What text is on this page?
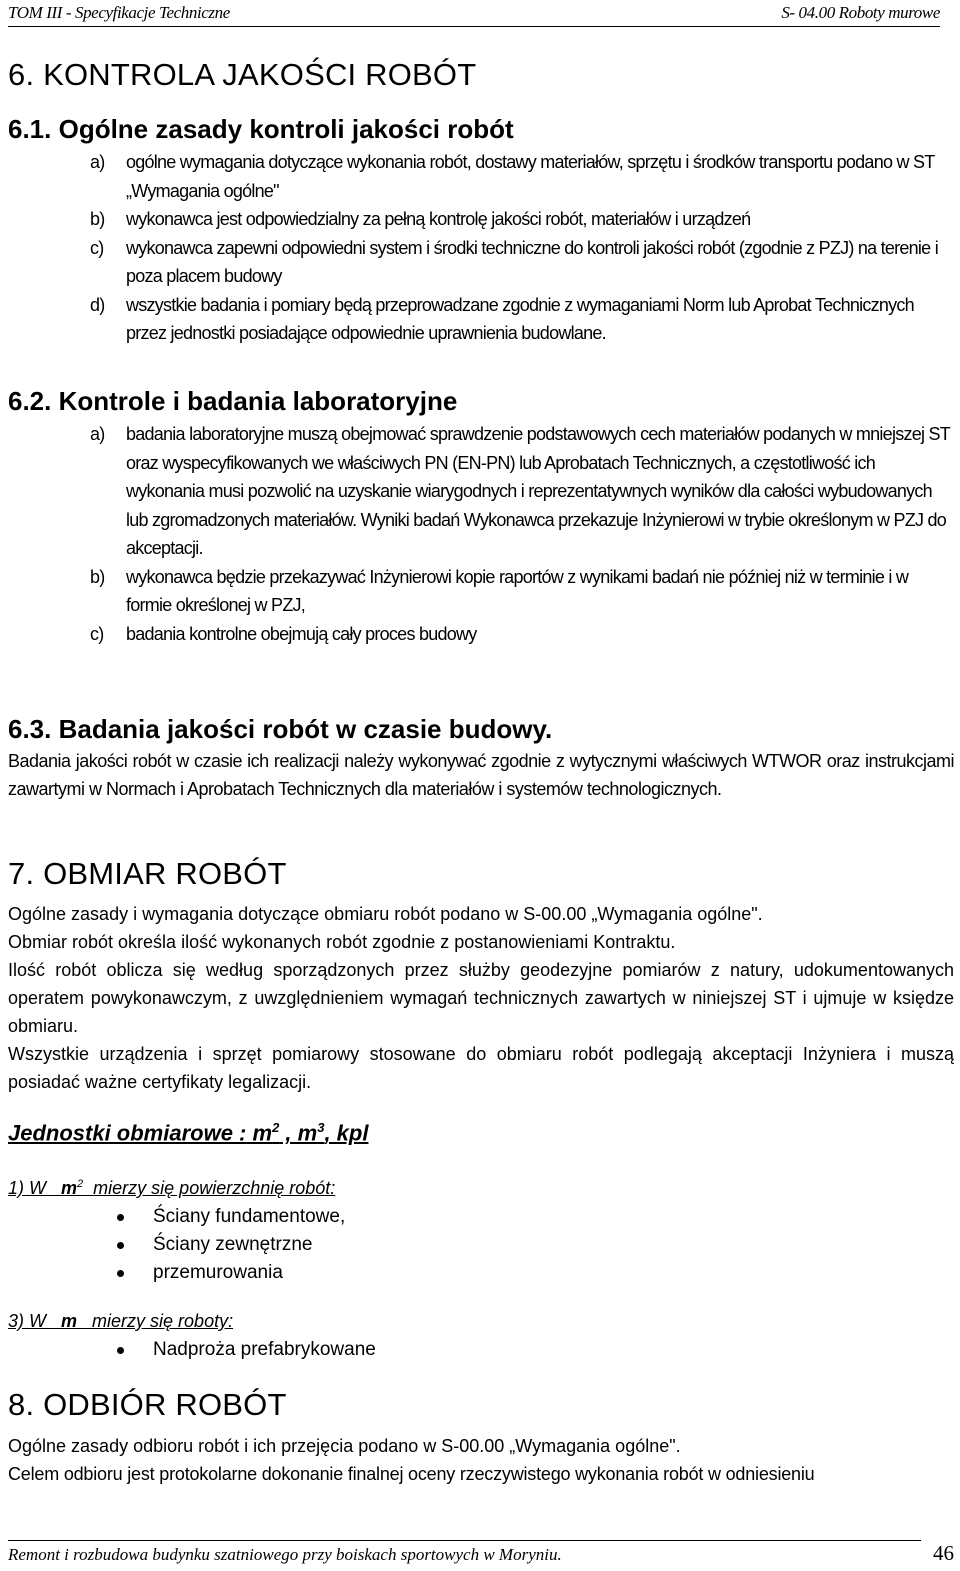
TOM III - Specyfikacje Techniczne	S- 04.00 Roboty murowe
6. KONTROLA JAKOŚCI ROBÓT
6.1. Ogólne zasady kontroli jakości robót
a) ogólne wymagania dotyczące wykonania robót, dostawy materiałów, sprzętu i środków transportu podano w ST „Wymagania ogólne"
b) wykonawca jest odpowiedzialny za pełną kontrolę jakości robót, materiałów i urządzeń
c) wykonawca zapewni odpowiedni system i środki techniczne do kontroli jakości robót (zgodnie z PZJ) na terenie i poza placem budowy
d) wszystkie badania i pomiary będą przeprowadzane zgodnie z wymaganiami Norm lub Aprobat Technicznych przez jednostki posiadające odpowiednie uprawnienia budowlane.
6.2. Kontrole i badania laboratoryjne
a) badania laboratoryjne muszą obejmować sprawdzenie podstawowych cech materiałów podanych w mniejszej ST oraz wyspecyfikowanych we właściwych PN (EN-PN) lub Aprobatach Technicznych, a częstotliwość ich wykonania musi pozwolić na uzyskanie wiarygodnych i reprezentatywnych wyników dla całości wybudowanych lub zgromadzonych materiałów. Wyniki badań Wykonawca przekazuje Inżynierowi w trybie określonym w PZJ do akceptacji.
b) wykonawca będzie przekazywać Inżynierowi kopie raportów z wynikami badań nie później niż w terminie i w formie określonej w PZJ,
c) badania kontrolne obejmują cały proces budowy
6.3. Badania jakości robót w czasie budowy.
Badania jakości robót w czasie ich realizacji należy wykonywać zgodnie z wytycznymi właściwych WTWOR oraz instrukcjami zawartymi w Normach i Aprobatach Technicznych dla materiałów i systemów technologicznych.
7. OBMIAR ROBÓT
Ogólne zasady i wymagania dotyczące obmiaru robót podano w S-00.00 „Wymagania ogólne".
Obmiar robót określa ilość wykonanych robót zgodnie z postanowieniami Kontraktu.
Ilość robót oblicza się według sporządzonych przez służby geodezyjne pomiarów z natury, udokumentowanych operatem powykonawczym, z uwzględnieniem wymagań technicznych zawartych w niniejszej ST i ujmuje w księdze obmiaru.
Wszystkie urządzenia i sprzęt pomiarowy stosowane do obmiaru robót podlegają akceptacji Inżyniera i muszą posiadać ważne certyfikaty legalizacji.
Jednostki obmiarowe : $m^2$ , $m^3$, kpl
1) W $m^2$ mierzy się powierzchnię robót:
Ściany fundamentowe,
Ściany zewnętrzne
przemurowania
3) W m mierzy się roboty:
Nadproża prefabrykowane
8. ODBIÓR ROBÓT
Ogólne zasady odbioru robót i ich przejęcia podano w S-00.00 „Wymagania ogólne".
Celem odbioru jest protokolarne dokonanie finalnej oceny rzeczywistego wykonania robót w odniesieniu
Remont i rozbudowa budynku szatniowego przy boiskach sportowych w Moryniu.	46
